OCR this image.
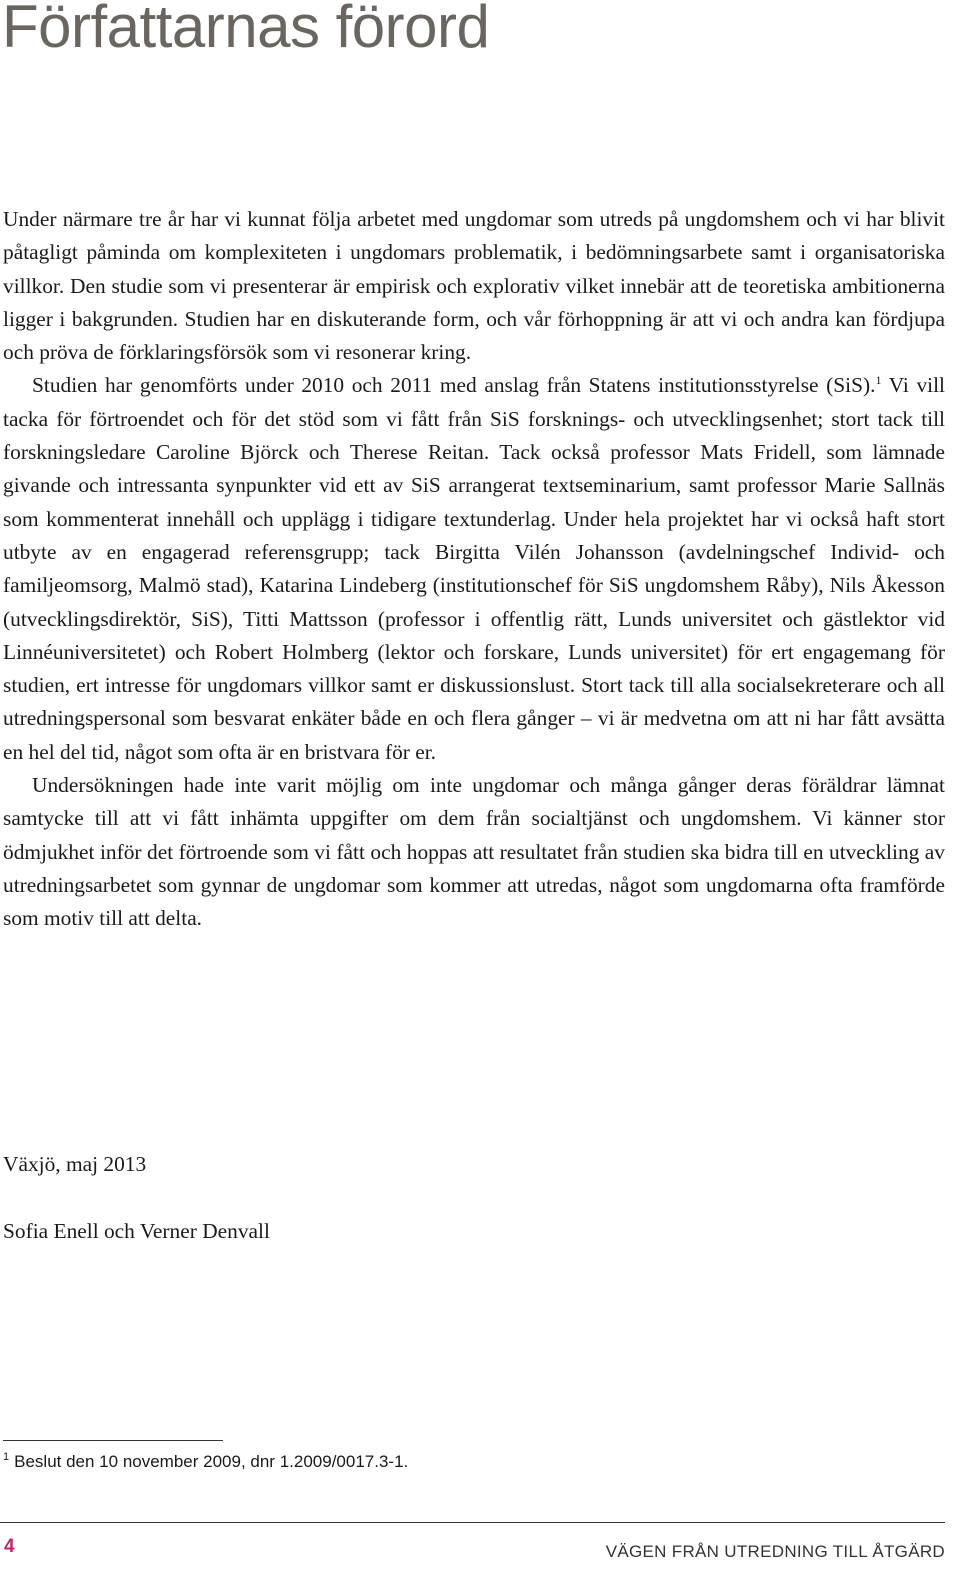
Författarnas förord

Under närmare tre år har vi kunnat följa arbetet med ungdomar som utreds på ungdomshem och vi har blivit påtagligt påminda om komplexiteten i ungdomars problematik, i bedömningsarbete samt i organisatoriska villkor. Den studie som vi presenterar är empirisk och explorativ vilket innebär att de teoretiska ambitionerna ligger i bakgrunden. Studien har en diskuterande form, och vår förhoppning är att vi och andra kan fördjupa och pröva de förklaringsförsök som vi resonerar kring.

Studien har genomförts under 2010 och 2011 med anslag från Statens institutionsstyrelse (SiS).$^1$ Vi vill tacka för förtroendet och för det stöd som vi fått från SiS forsknings- och utvecklingsenhet; stort tack till forskningsledare Caroline Björck och Therese Reitan. Tack också professor Mats Fridell, som lämnade givande och intressanta synpunkter vid ett av SiS arrangerat textseminarium, samt professor Marie Sallnäs som kommenterat innehåll och upplägg i tidigare textunderlag. Under hela projektet har vi också haft stort utbyte av en engagerad referensgrupp; tack Birgitta Vilén Johansson (avdelningschef Individ- och familjeomsorg, Malmö stad), Katarina Lindeberg (institutionschef för SiS ungdomshem Råby), Nils Åkesson (utvecklingsdirektör, SiS), Titti Mattsson (professor i offentlig rätt, Lunds universitet och gästlektor vid Linnéuniversitetet) och Robert Holmberg (lektor och forskare, Lunds universitet) för ert engagemang för studien, ert intresse för ungdomars villkor samt er diskussionslust. Stort tack till alla socialsekreterare och all utredningspersonal som besvarat enkäter både en och flera gånger – vi är medvetna om att ni har fått avsätta en hel del tid, något som ofta är en bristvara för er.

Undersökningen hade inte varit möjlig om inte ungdomar och många gånger deras föräldrar lämnat samtycke till att vi fått inhämta uppgifter om dem från socialtjänst och ungdomshem. Vi känner stor ödmjukhet inför det förtroende som vi fått och hoppas att resultatet från studien ska bidra till en utveckling av utredningsarbetet som gynnar de ungdomar som kommer att utredas, något som ungdomarna ofta framförde som motiv till att delta.

Växjö, maj 2013

Sofia Enell och Verner Denvall

$^1$ Beslut den 10 november 2009, dnr 1.2009/0017.3-1.

4	VÄGEN FRÅN UTREDNING TILL ÅTGÄRD
